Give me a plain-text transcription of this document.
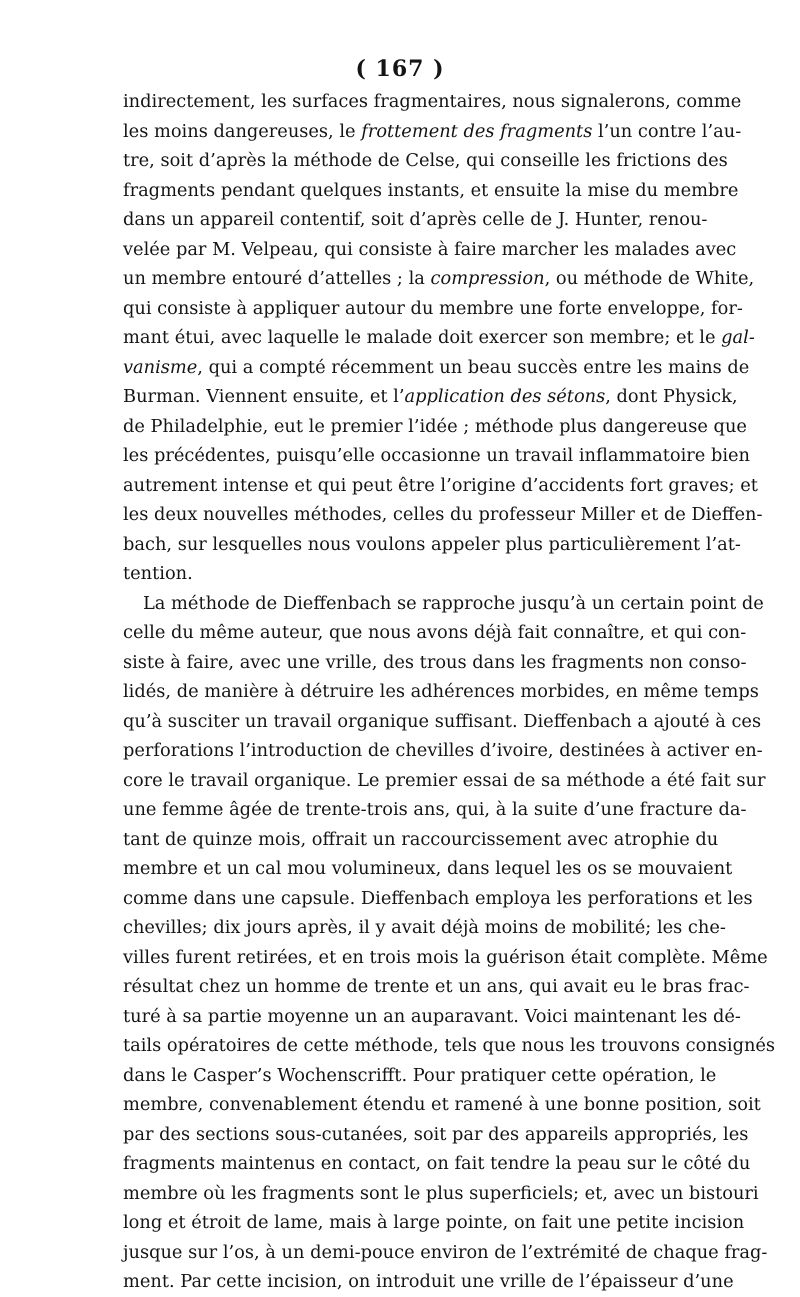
( 167 )
indirectement, les surfaces fragmentaires, nous signalerons, comme
les moins dangereuses, le frottement des fragments l’un contre l’au-
tre, soit d’après la méthode de Celse, qui conseille les frictions des
fragments pendant quelques instants, et ensuite la mise du membre
dans un appareil contentif, soit d’après celle de J. Hunter, renou-
velée par M. Velpeau, qui consiste à faire marcher les malades avec
un membre entouré d’attelles ; la compression, ou méthode de White,
qui consiste à appliquer autour du membre une forte enveloppe, for-
mant étui, avec laquelle le malade doit exercer son membre; et le gal-
vanisme, qui a compté récemment un beau succès entre les mains de
Burman. Viennent ensuite, et l’application des sétons, dont Physick,
de Philadelphie, eut le premier l’idée ; méthode plus dangereuse que
les précédentes, puisqu’elle occasionne un travail inflammatoire bien
autrement intense et qui peut être l’origine d’accidents fort graves; et
les deux nouvelles méthodes, celles du professeur Miller et de Dieffen-
bach, sur lesquelles nous voulons appeler plus particulièrement l’at-
tention.
La méthode de Dieffenbach se rapproche jusqu’à un certain point de
celle du même auteur, que nous avons déjà fait connaître, et qui con-
siste à faire, avec une vrille, des trous dans les fragments non conso-
lidés, de manière à détruire les adhérences morbides, en même temps
qu’à susciter un travail organique suffisant. Dieffenbach a ajouté à ces
perforations l’introduction de chevilles d’ivoire, destinées à activer en-
core le travail organique. Le premier essai de sa méthode a été fait sur
une femme âgée de trente-trois ans, qui, à la suite d’une fracture da-
tant de quinze mois, offrait un raccourcissement avec atrophie du
membre et un cal mou volumineux, dans lequel les os se mouvaient
comme dans une capsule. Dieffenbach employa les perforations et les
chevilles; dix jours après, il y avait déjà moins de mobilité; les che-
villes furent retirées, et en trois mois la guérison était complète. Même
résultat chez un homme de trente et un ans, qui avait eu le bras frac-
turé à sa partie moyenne un an auparavant. Voici maintenant les dé-
tails opératoires de cette méthode, tels que nous les trouvons consignés
dans le Casper’s Wochenscrifft. Pour pratiquer cette opération, le
membre, convenablement étendu et ramené à une bonne position, soit
par des sections sous-cutanées, soit par des appareils appropriés, les
fragments maintenus en contact, on fait tendre la peau sur le côté du
membre où les fragments sont le plus superficiels; et, avec un bistouri
long et étroit de lame, mais à large pointe, on fait une petite incision
jusque sur l’os, à un demi-pouce environ de l’extrémité de chaque frag-
ment. Par cette incision, on introduit une vrille de l’épaisseur d’une
